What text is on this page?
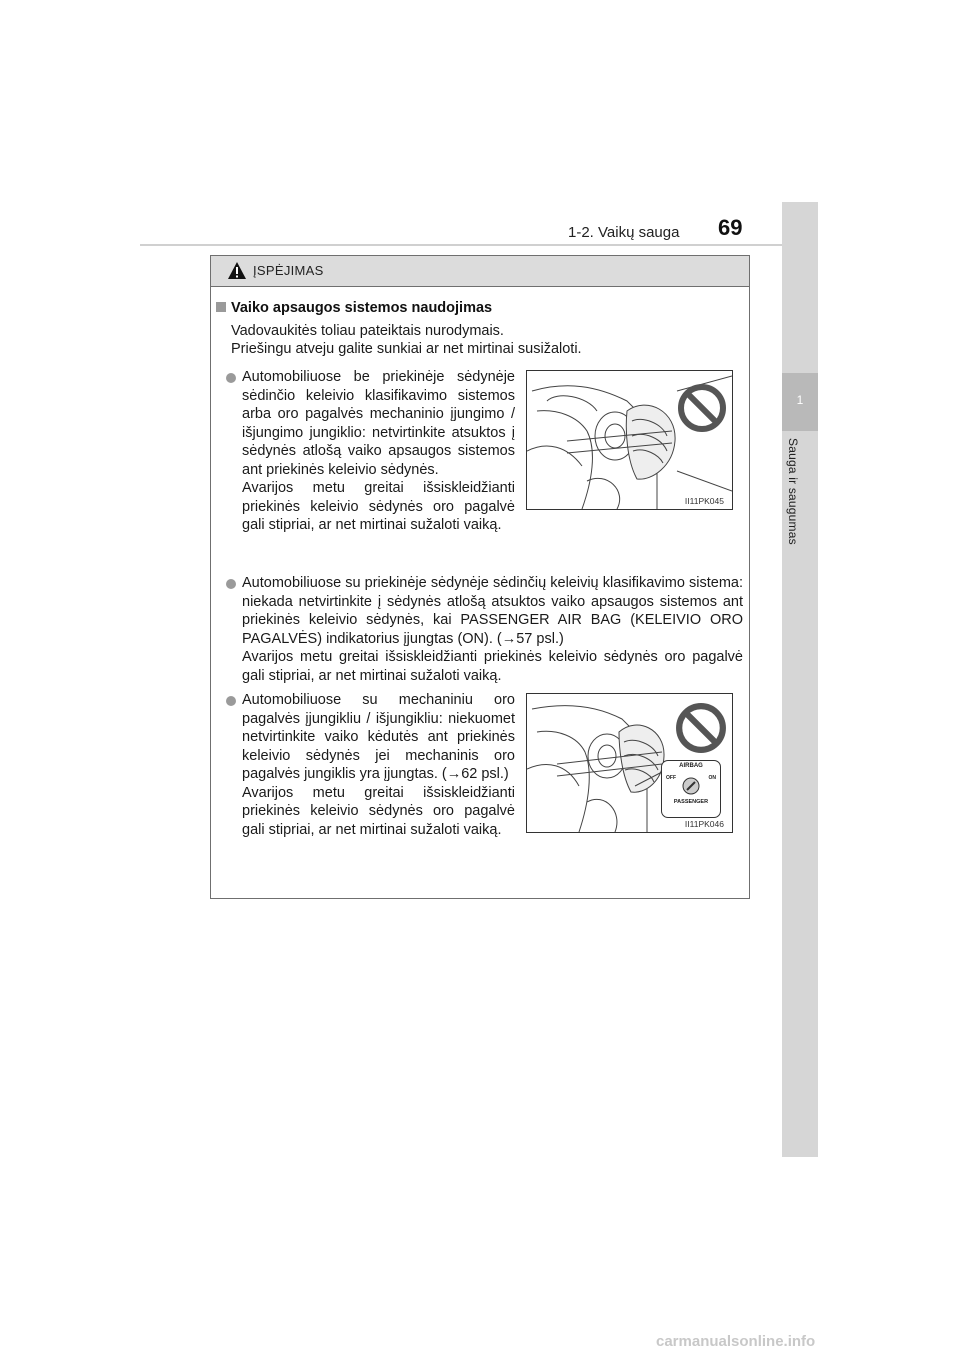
1-2. Vaikų sauga 69
1
Sauga ir saugumas
ĮSPĖJIMAS
Vaiko apsaugos sistemos naudojimas
Vadovaukitės toliau pateiktais nurodymais.
Priešingu atveju galite sunkiai ar net mirtinai susižaloti.
Automobiliuose be priekinėje sėdynėje sėdinčio keleivio klasifikavimo sistemos arba oro pagalvės mechaninio įjungimo / išjungimo jungiklio: netvirtinkite atsuktos į sėdynės atlošą vaiko apsaugos sistemos ant priekinės keleivio sėdynės.
Avarijos metu greitai išsiskleidžianti priekinės keleivio sėdynės oro pagalvė gali stipriai, ar net mirtinai sužaloti vaiką.
II11PK045
Automobiliuose su priekinėje sėdynėje sėdinčių keleivių klasifikavimo sistema: niekada netvirtinkite į sėdynės atlošą atsuktos vaiko apsaugos sistemos ant priekinės keleivio sėdynės, kai PASSENGER AIR BAG (KELEIVIO ORO PAGALVĖS) indikatorius įjungtas (ON). (→57 psl.)
Avarijos metu greitai išsiskleidžianti priekinės keleivio sėdynės oro pagalvė gali stipriai, ar net mirtinai sužaloti vaiką.
Automobiliuose su mechaniniu oro pagalvės įjungikliu / išjungikliu: niekuomet netvirtinkite vaiko kėdutės ant priekinės keleivio sėdynės jei mechaninis oro pagalvės jungiklis yra įjungtas. (→62 psl.)
Avarijos metu greitai išsiskleidžianti priekinės keleivio sėdynės oro pagalvė gali stipriai, ar net mirtinai sužaloti vaiką.
AIRBAG
OFF	ON
PASSENGER
II11PK046
carmanualsonline.info
